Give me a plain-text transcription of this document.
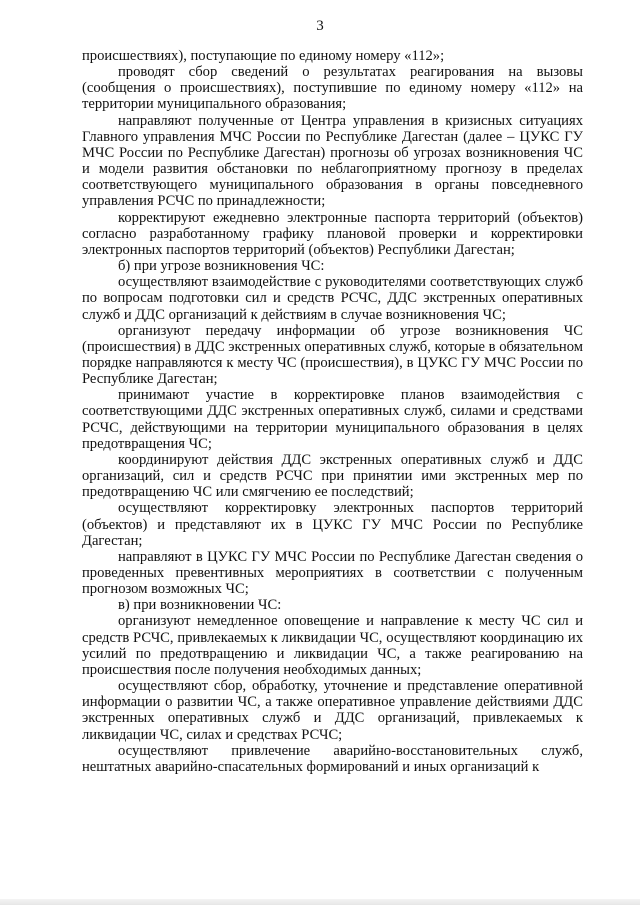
3

происшествиях), поступающие по единому номеру «112»;

проводят сбор сведений о результатах реагирования на вызовы (сообщения о происшествиях), поступившие по единому номеру «112» на территории муниципального образования;

направляют полученные от Центра управления в кризисных ситуациях Главного управления МЧС России по Республике Дагестан (далее – ЦУКС ГУ МЧС России по Республике Дагестан) прогнозы об угрозах возникновения ЧС и модели развития обстановки по неблагоприятному прогнозу в пределах соответствующего муниципального образования в органы повседневного управления РСЧС по принадлежности;

корректируют ежедневно электронные паспорта территорий (объектов) согласно разработанному графику плановой проверки и корректировки электронных паспортов территорий (объектов) Республики Дагестан;

б) при угрозе возникновения ЧС:

осуществляют взаимодействие с руководителями соответствующих служб по вопросам подготовки сил и средств РСЧС, ДДС экстренных оперативных служб и ДДС организаций к действиям в случае возникновения ЧС;

организуют передачу информации об угрозе возникновения ЧС (происшествия) в ДДС экстренных оперативных служб, которые в обязательном порядке направляются к месту ЧС (происшествия), в ЦУКС ГУ МЧС России по Республике Дагестан;

принимают участие в корректировке планов взаимодействия с соответствующими ДДС экстренных оперативных служб, силами и средствами РСЧС, действующими на территории муниципального образования в целях предотвращения ЧС;

координируют действия ДДС экстренных оперативных служб и ДДС организаций, сил и средств РСЧС при принятии ими экстренных мер по предотвращению ЧС или смягчению ее последствий;

осуществляют корректировку электронных паспортов территорий (объектов) и представляют их в ЦУКС ГУ МЧС России по Республике Дагестан;

направляют в ЦУКС ГУ МЧС России по Республике Дагестан сведения о проведенных превентивных мероприятиях в соответствии с полученным прогнозом возможных ЧС;

в) при возникновении ЧС:

организуют немедленное оповещение и направление к месту ЧС сил и средств РСЧС, привлекаемых к ликвидации ЧС, осуществляют координацию их усилий по предотвращению и ликвидации ЧС, а также реагированию на происшествия после получения необходимых данных;

осуществляют сбор, обработку, уточнение и представление оперативной информации о развитии ЧС, а также оперативное управление действиями ДДС экстренных оперативных служб и ДДС организаций, привлекаемых к ликвидации ЧС, силах и средствах РСЧС;

осуществляют привлечение аварийно-восстановительных служб, нештатных аварийно-спасательных формирований и иных организаций к
